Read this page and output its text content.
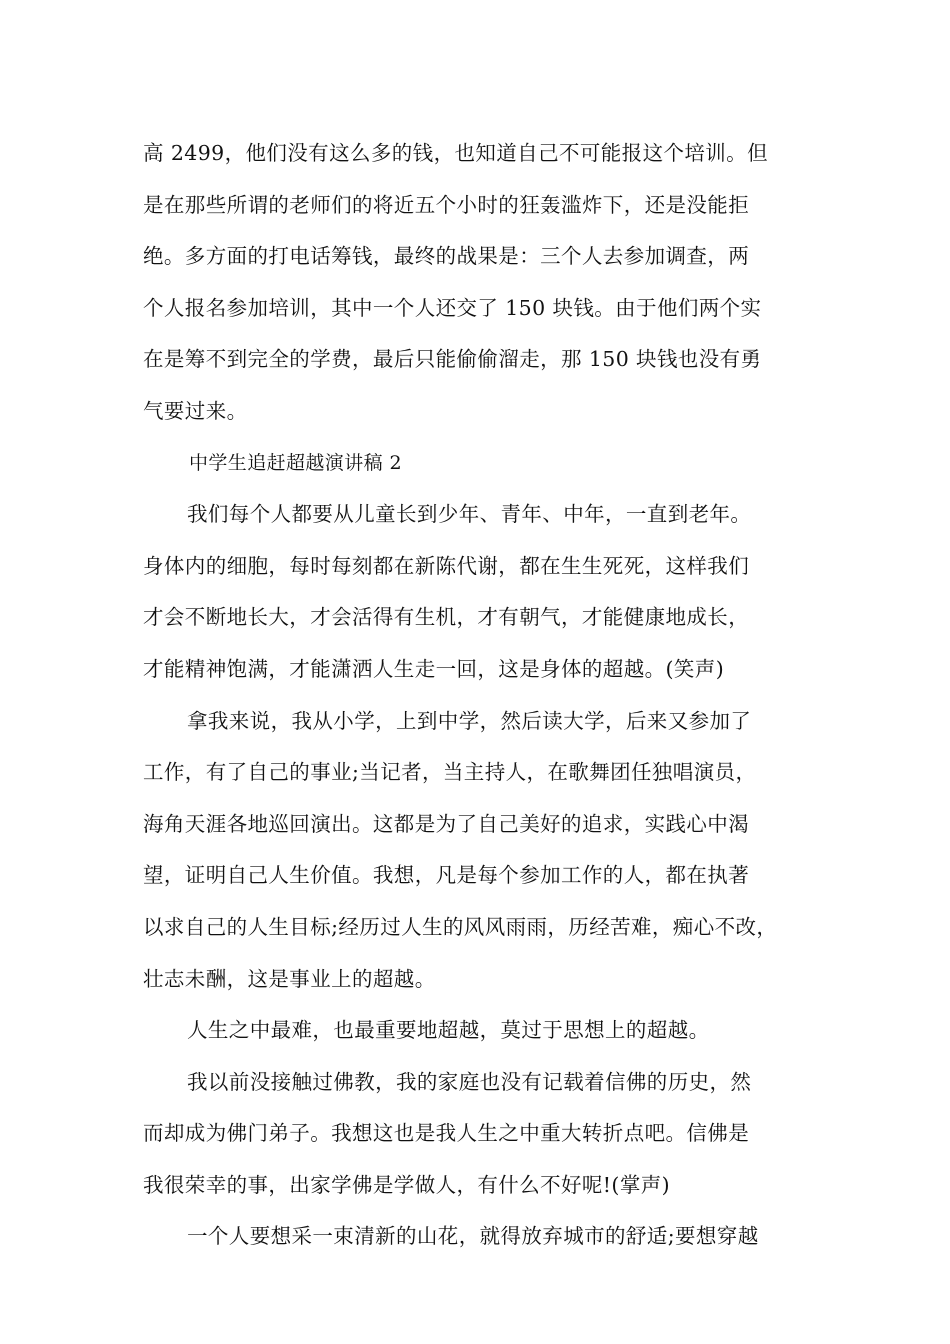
高 2499，他们没有这么多的钱，也知道自己不可能报这个培训。但
是在那些所谓的老师们的将近五个小时的狂轰滥炸下，还是没能拒
绝。多方面的打电话筹钱，最终的战果是：三个人去参加调查，两
个人报名参加培训，其中一个人还交了 150 块钱。由于他们两个实
在是筹不到完全的学费，最后只能偷偷溜走，那 150 块钱也没有勇
气要过来。
中学生追赶超越演讲稿 2
我们每个人都要从儿童长到少年、青年、中年，一直到老年。
身体内的细胞，每时每刻都在新陈代谢，都在生生死死，这样我们
才会不断地长大，才会活得有生机，才有朝气，才能健康地成长，
才能精神饱满，才能潇洒人生走一回，这是身体的超越。(笑声)
拿我来说，我从小学，上到中学，然后读大学，后来又参加了
工作，有了自己的事业;当记者，当主持人，在歌舞团任独唱演员，
海角天涯各地巡回演出。这都是为了自己美好的追求，实践心中渴
望，证明自己人生价值。我想，凡是每个参加工作的人，都在执著
以求自己的人生目标;经历过人生的风风雨雨，历经苦难，痴心不改，
壮志未酬，这是事业上的超越。
人生之中最难，也最重要地超越，莫过于思想上的超越。
我以前没接触过佛教，我的家庭也没有记载着信佛的历史，然
而却成为佛门弟子。我想这也是我人生之中重大转折点吧。信佛是
我很荣幸的事，出家学佛是学做人，有什么不好呢!(掌声)
一个人要想采一束清新的山花，就得放弃城市的舒适;要想穿越
